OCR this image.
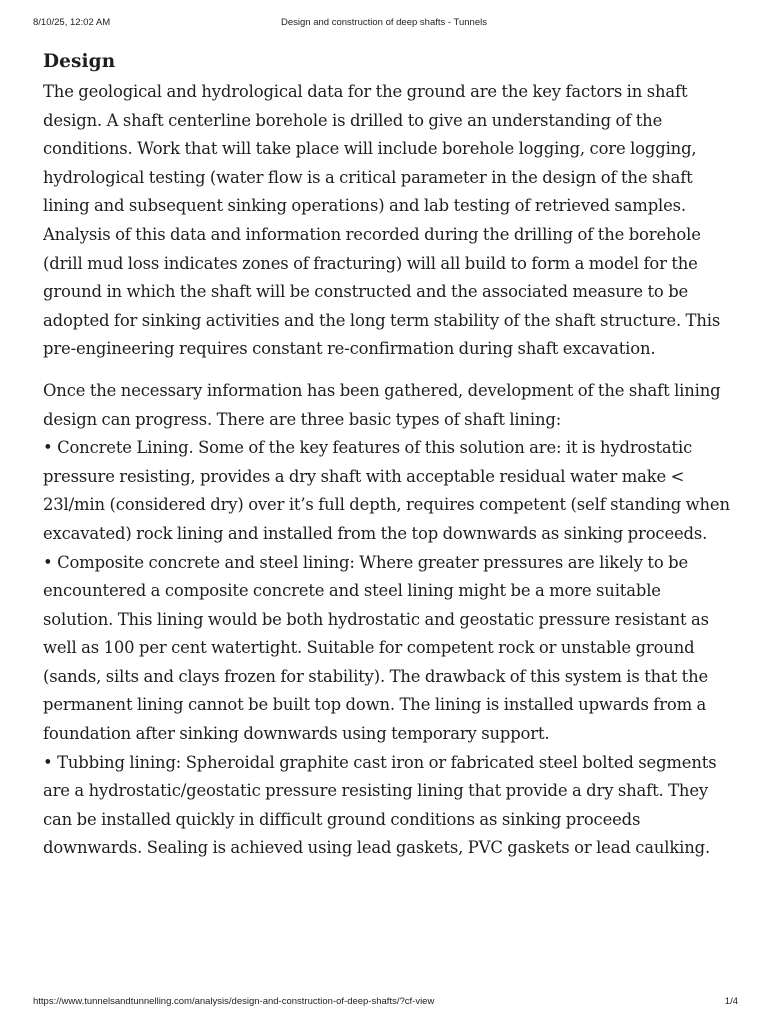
8/10/25, 12:02 AM	Design and construction of deep shafts - Tunnels
Design

The geological and hydrological data for the ground are the key factors in shaft design. A shaft centerline borehole is drilled to give an understanding of the conditions. Work that will take place will include borehole logging, core logging, hydrological testing (water flow is a critical parameter in the design of the shaft lining and subsequent sinking operations) and lab testing of retrieved samples. Analysis of this data and information recorded during the drilling of the borehole (drill mud loss indicates zones of fracturing) will all build to form a model for the ground in which the shaft will be constructed and the associated measure to be adopted for sinking activities and the long term stability of the shaft structure. This pre-engineering requires constant re-confirmation during shaft excavation.

Once the necessary information has been gathered, development of the shaft lining design can progress. There are three basic types of shaft lining:
• Concrete Lining. Some of the key features of this solution are: it is hydrostatic pressure resisting, provides a dry shaft with acceptable residual water make < 23l/min (considered dry) over it’s full depth, requires competent (self standing when excavated) rock lining and installed from the top downwards as sinking proceeds.
• Composite concrete and steel lining: Where greater pressures are likely to be encountered a composite concrete and steel lining might be a more suitable solution. This lining would be both hydrostatic and geostatic pressure resistant as well as 100 per cent watertight. Suitable for competent rock or unstable ground (sands, silts and clays frozen for stability). The drawback of this system is that the permanent lining cannot be built top down. The lining is installed upwards from a foundation after sinking downwards using temporary support.
• Tubbing lining: Spheroidal graphite cast iron or fabricated steel bolted segments are a hydrostatic/geostatic pressure resisting lining that provide a dry shaft. They can be installed quickly in difficult ground conditions as sinking proceeds downwards. Sealing is achieved using lead gaskets, PVC gaskets or lead caulking.

https://www.tunnelsandtunnelling.com/analysis/design-and-construction-of-deep-shafts/?cf-view	1/4
